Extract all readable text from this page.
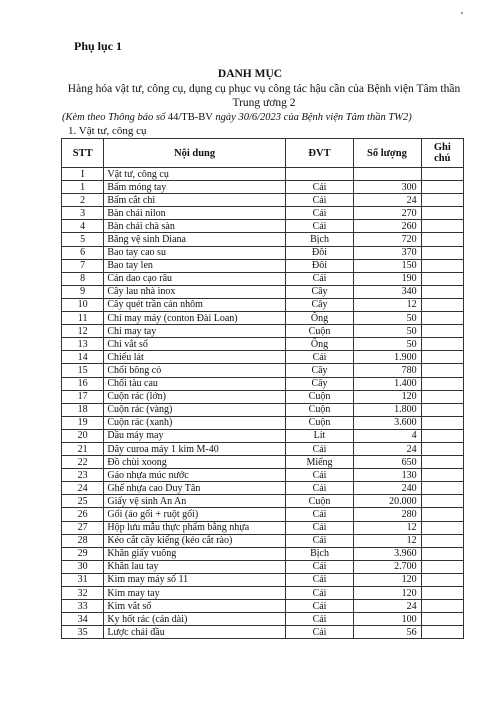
Phụ lục 1
DANH MỤC
Hàng hóa vật tư, công cụ, dụng cụ phục vụ công tác hậu cần của Bệnh viện Tâm thần Trung ương 2
(Kèm theo Thông báo số 44/TB-BV ngày 30/6/2023 của Bệnh viện Tâm thần TW2)
1. Vật tư, công cụ
STT	Nội dung	ĐVT	Số lượng	Ghi chú

I	Vật tư, công cụ			
1	Bấm móng tay	Cái	300	
2	Bấm cắt chỉ	Cái	24	
3	Bàn chải nilon	Cái	270	
4	Bàn chải chà sàn	Cái	260	
5	Băng vệ sinh Diana	Bịch	720	
6	Bao tay cao su	Đôi	370	
7	Bao tay len	Đôi	150	
8	Cán dao cạo râu	Cái	190	
9	Cây lau nhà inox	Cây	340	
10	Cây quét trần cán nhôm	Cây	12	
11	Chỉ may máy (conton Đài Loan)	Ống	50	
12	Chỉ may tay	Cuộn	50	
13	Chỉ vắt sổ	Ống	50	
14	Chiếu lát	Cái	1.900	
15	Chổi bông cỏ	Cây	780	
16	Chổi tàu cau	Cây	1.400	
17	Cuộn rác (lớn)	Cuộn	120	
18	Cuộn rác (vàng)	Cuộn	1.800	
19	Cuộn rác (xanh)	Cuộn	3.600	
20	Dầu máy may	Lít	4	
21	Dây curoa máy 1 kim M-40	Cái	24	
22	Đồ chùi xoong	Miếng	650	
23	Gáo nhựa múc nước	Cái	130	
24	Ghế nhựa cao Duy Tân	Cái	240	
25	Giấy vệ sinh An An	Cuộn	20.000	
26	Gối (áo gối + ruột gối)	Cái	280	
27	Hộp lưu mẫu thực phẩm bằng nhựa	Cái	12	
28	Kéo cắt cây kiểng (kéo cắt rào)	Cái	12	
29	Khăn giấy vuông	Bịch	3.960	
30	Khăn lau tay	Cái	2.700	
31	Kim may máy số 11	Cái	120	
32	Kim may tay	Cái	120	
33	Kim vắt sổ	Cái	24	
34	Ky hốt rác (cán dài)	Cái	100	
35	Lược chải đầu	Cái	56	
